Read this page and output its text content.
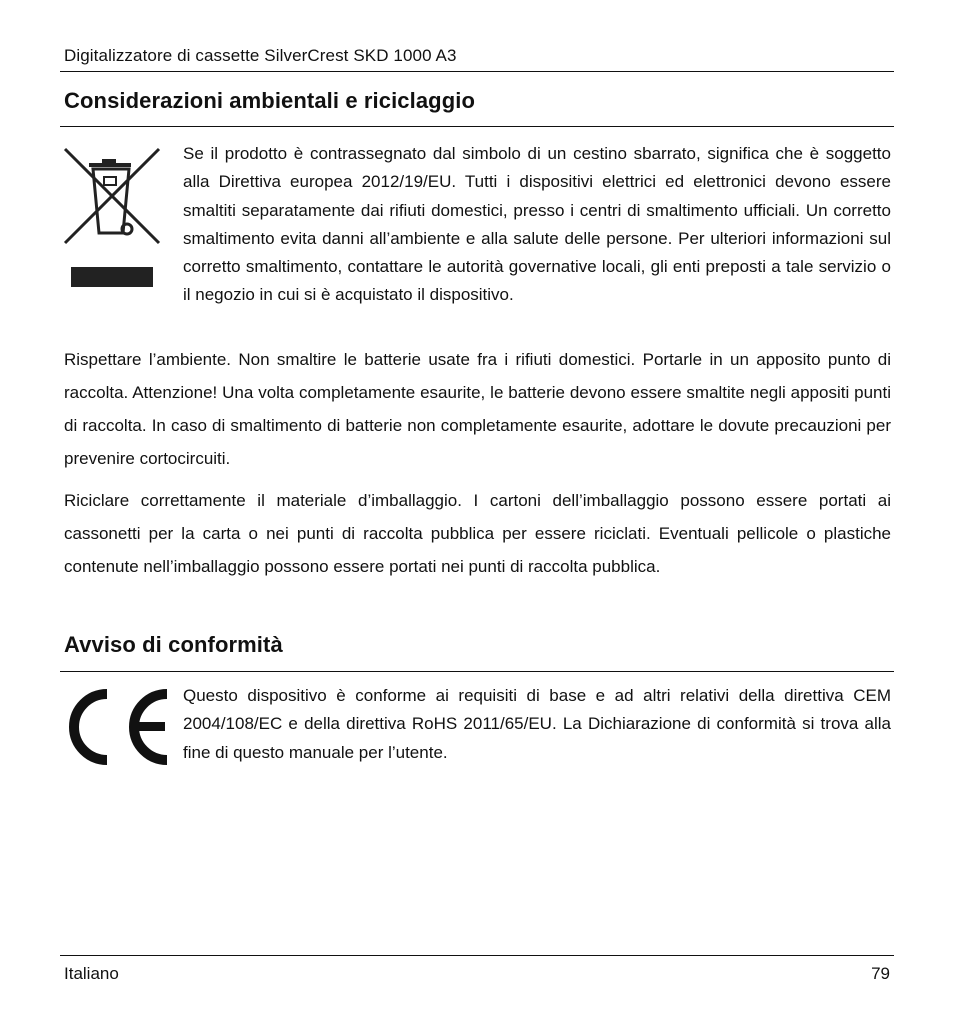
Digitalizzatore di cassette SilverCrest SKD 1000 A3
Considerazioni ambientali e riciclaggio

Se il prodotto è contrassegnato dal simbolo di un cestino sbarrato, significa che è soggetto alla Direttiva europea 2012/19/EU. Tutti i dispositivi elettrici ed elettronici devono essere smaltiti separatamente dai rifiuti domestici, presso i centri di smaltimento ufficiali. Un corretto smaltimento evita danni all’ambiente e alla salute delle persone. Per ulteriori informazioni sul corretto smaltimento, contattare le autorità governative locali, gli enti preposti a tale servizio o il negozio in cui si è acquistato il dispositivo.

Rispettare l’ambiente. Non smaltire le batterie usate fra i rifiuti domestici. Portarle in un apposito punto di raccolta. Attenzione! Una volta completamente esaurite, le batterie devono essere smaltite negli appositi punti di raccolta. In caso di smaltimento di batterie non completamente esaurite, adottare le dovute precauzioni per prevenire cortocircuiti.

Riciclare correttamente il materiale d’imballaggio. I cartoni dell’imballaggio possono essere portati ai cassonetti per la carta o nei punti di raccolta pubblica per essere riciclati. Eventuali pellicole o plastiche contenute nell’imballaggio possono essere portati nei punti di raccolta pubblica.

Avviso di conformità

Questo dispositivo è conforme ai requisiti di base e ad altri relativi della direttiva CEM 2004/108/EC e della direttiva RoHS 2011/65/EU. La Dichiarazione di conformità si trova alla fine di questo manuale per l’utente.

Italiano	79
